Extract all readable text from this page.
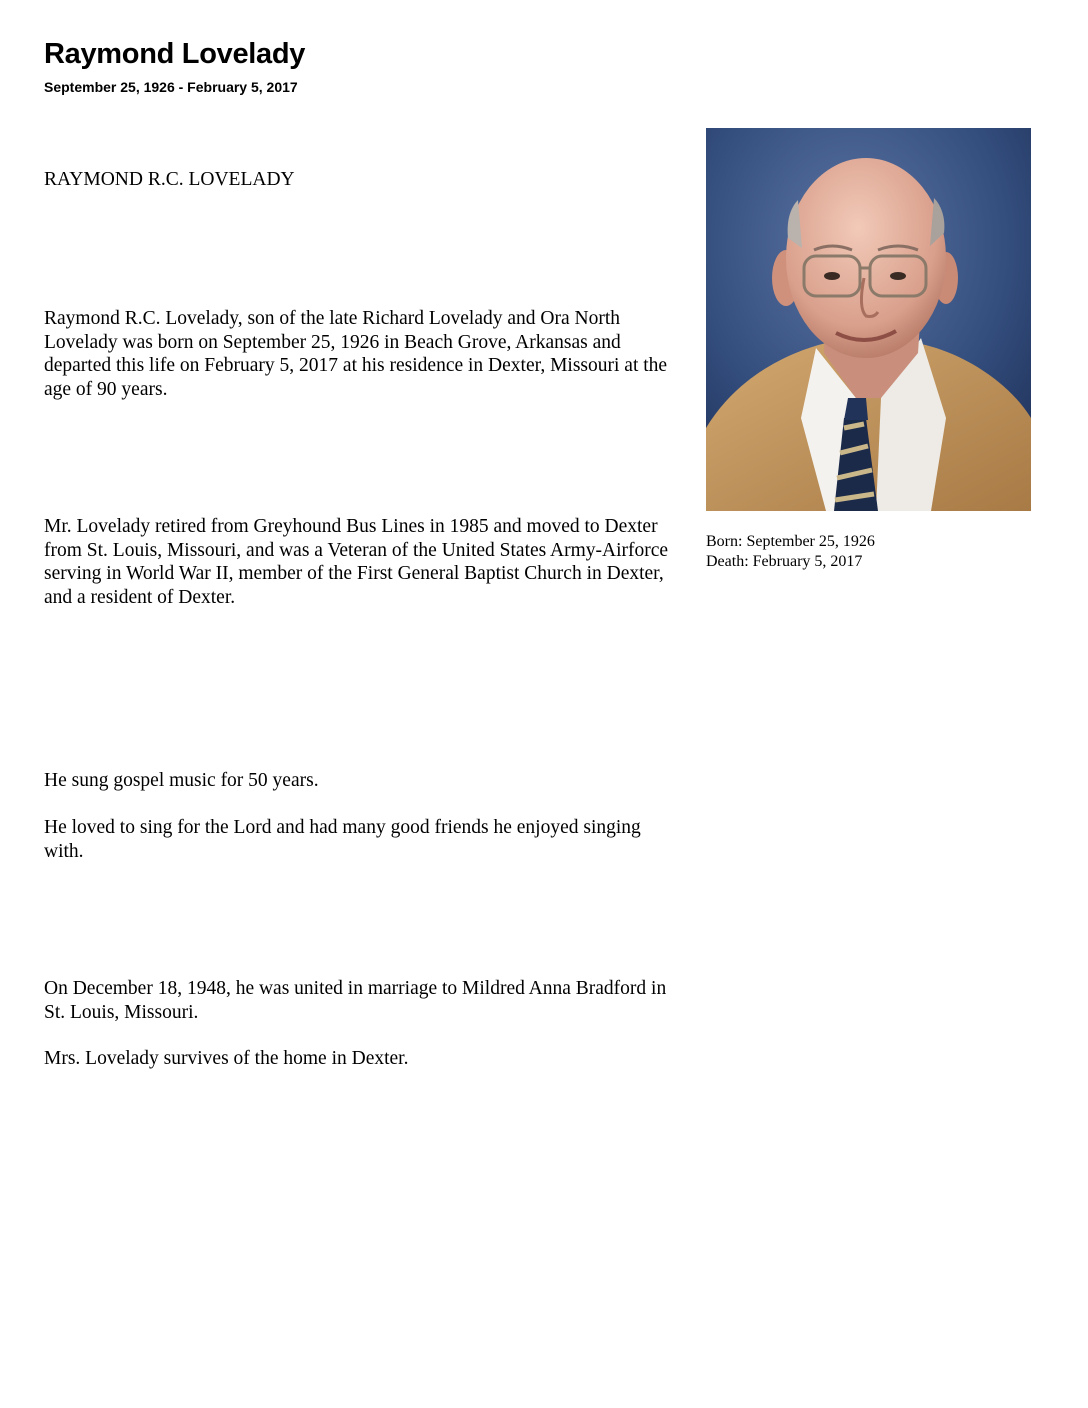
Raymond Lovelady
September 25, 1926 - February 5, 2017

RAYMOND R.C. LOVELADY

Raymond R.C. Lovelady, son of the late Richard Lovelady and Ora North Lovelady was born on September 25, 1926 in Beach Grove, Arkansas and departed this life on February 5, 2017 at his residence in Dexter, Missouri at the age of 90 years.

Mr. Lovelady retired from Greyhound Bus Lines in 1985 and moved to Dexter from St. Louis, Missouri, and was a Veteran of the United States Army-Airforce serving in World War II, member of the First General Baptist Church in Dexter, and a resident of Dexter.

He sung gospel music for 50 years.

He loved to sing for the Lord and had many good friends he enjoyed singing with.

On December 18, 1948, he was united in marriage to Mildred Anna Bradford in St. Louis, Missouri.

Mrs. Lovelady survives of the home in Dexter.

Born: September 25, 1926
Death: February 5, 2017
